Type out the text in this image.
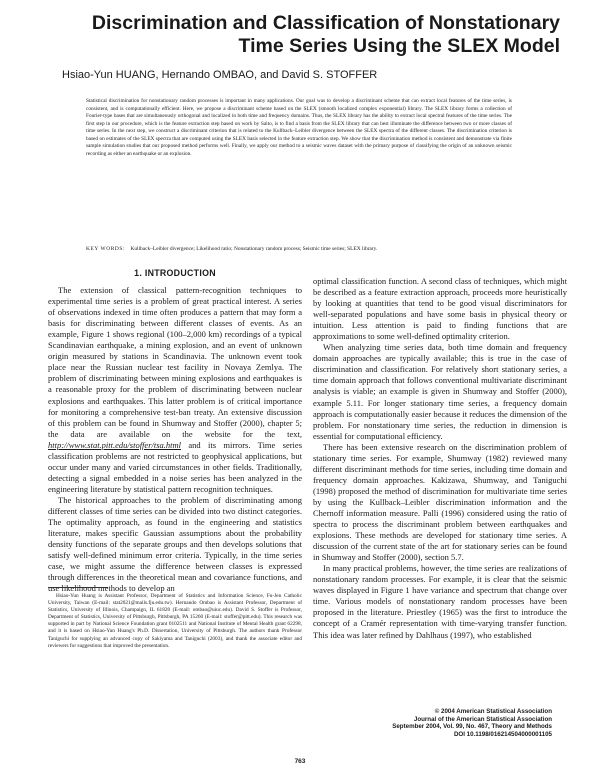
Discrimination and Classification of Nonstationary
Time Series Using the SLEX Model
Hsiao-Yun HUANG, Hernando OMBAO, and David S. STOFFER

Statistical discrimination for nonstationary random processes is important in many applications. Our goal was to develop a discriminant scheme that can extract local features of the time series, is consistent, and is computationally efficient. Here, we propose a discriminant scheme based on the SLEX (smooth localized complex exponential) library. The SLEX library forms a collection of Fourier-type bases that are simultaneously orthogonal and localized in both time and frequency domains. Thus, the SLEX library has the ability to extract local spectral features of the time series. The first step in our procedure, which is the feature extraction step based on work by Saito, is to find a basis from the SLEX library that can best illuminate the difference between two or more classes of time series. In the next step, we construct a discriminant criterion that is related to the Kullback–Leibler divergence between the SLEX spectra of the different classes. The discrimination criterion is based on estimates of the SLEX spectra that are computed using the SLEX basis selected in the feature extraction step. We show that the discrimination method is consistent and demonstrate via finite sample simulation studies that our proposed method performs well. Finally, we apply our method to a seismic waves dataset with the primary purpose of classifying the origin of an unknown seismic recording as either an earthquake or an explosion.

KEY WORDS: Kullback–Leibler divergence; Likelihood ratio; Nonstationary random process; Seismic time series; SLEX library.

1. INTRODUCTION

The extension of classical pattern-recognition techniques to experimental time series is a problem of great practical interest. A series of observations indexed in time often produces a pattern that may form a basis for discriminating between different classes of events. As an example, Figure 1 shows regional (100–2,000 km) recordings of a typical Scandinavian earthquake, a mining explosion, and an event of unknown origin measured by stations in Scandinavia. The unknown event took place near the Russian nuclear test facility in Novaya Zemlya. The problem of discriminating between mining explosions and earthquakes is a reasonable proxy for the problem of discriminating between nuclear explosions and earthquakes. This latter problem is of critical importance for monitoring a comprehensive test-ban treaty. An extensive discussion of this problem can be found in Shumway and Stoffer (2000), chapter 5; the data are available on the website for the text, http://www.stat.pitt.edu/stoffer/tsa.html and its mirrors. Time series classification problems are not restricted to geophysical applications, but occur under many and varied circumstances in other fields. Traditionally, detecting a signal embedded in a noise series has been analyzed in the engineering literature by statistical pattern recognition techniques.

The historical approaches to the problem of discriminating among different classes of time series can be divided into two distinct categories. The optimality approach, as found in the engineering and statistics literature, makes specific Gaussian assumptions about the probability density functions of the separate groups and then develops solutions that satisfy well-defined minimum error criteria. Typically, in the time series case, we might assume the difference between classes is expressed through differences in the theoretical mean and covariance functions, and use likelihood methods to develop an

optimal classification function. A second class of techniques, which might be described as a feature extraction approach, proceeds more heuristically by looking at quantities that tend to be good visual discriminators for well-separated populations and have some basis in physical theory or intuition. Less attention is paid to finding functions that are approximations to some well-defined optimality criterion.

When analyzing time series data, both time domain and frequency domain approaches are typically available; this is true in the case of discrimination and classification. For relatively short stationary series, a time domain approach that follows conventional multivariate discriminant analysis is viable; an example is given in Shumway and Stoffer (2000), example 5.11. For longer stationary time series, a frequency domain approach is computationally easier because it reduces the dimension of the problem. For nonstationary time series, the reduction in dimension is essential for computational efficiency.

There has been extensive research on the discrimination problem of stationary time series. For example, Shumway (1982) reviewed many different discriminant methods for time series, including time domain and frequency domain approaches. Kakizawa, Shumway, and Taniguchi (1998) proposed the method of discrimination for multivariate time series by using the Kullback–Leibler discrimination information and the Chernoff information measure. Palli (1996) considered using the ratio of spectra to process the discriminant problem between earthquakes and explosions. These methods are developed for stationary time series. A discussion of the current state of the art for stationary series can be found in Shumway and Stoffer (2000), section 5.7.

In many practical problems, however, the time series are realizations of nonstationary random processes. For example, it is clear that the seismic waves displayed in Figure 1 have variance and spectrum that change over time. Various models of nonstationary random processes have been proposed in the literature. Priestley (1965) was the first to introduce the concept of a Cramér representation with time-varying transfer function. This idea was later refined by Dahlhaus (1997), who established

Hsiao-Yun Huang is Assistant Professor, Department of Statistics and Information Science, Fu-Jen Catholic University, Taiwan (E-mail: stat2021@mails.fju.edu.tw). Hernando Ombao is Assistant Professor, Department of Statistics, University of Illinois, Champaign, IL 61820 (E-mail: ombao@uiuc.edu). David S. Stoffer is Professor, Department of Statistics, University of Pittsburgh, Pittsburgh, PA 15260 (E-mail: stoffer@pitt.edu). This research was supported in part by National Science Foundation grant 0102511 and National Institute of Mental Health grant 62298, and it is based on Hsiao-Yun Huang's Ph.D. Dissertation, University of Pittsburgh. The authors thank Professor Taniguchi for supplying an advanced copy of Sakiyama and Taniguchi (2003), and thank the associate editor and reviewers for suggestions that improved the presentation.

© 2004 American Statistical Association
Journal of the American Statistical Association
September 2004, Vol. 99, No. 467, Theory and Methods
DOI 10.1198/016214504000001105
763
